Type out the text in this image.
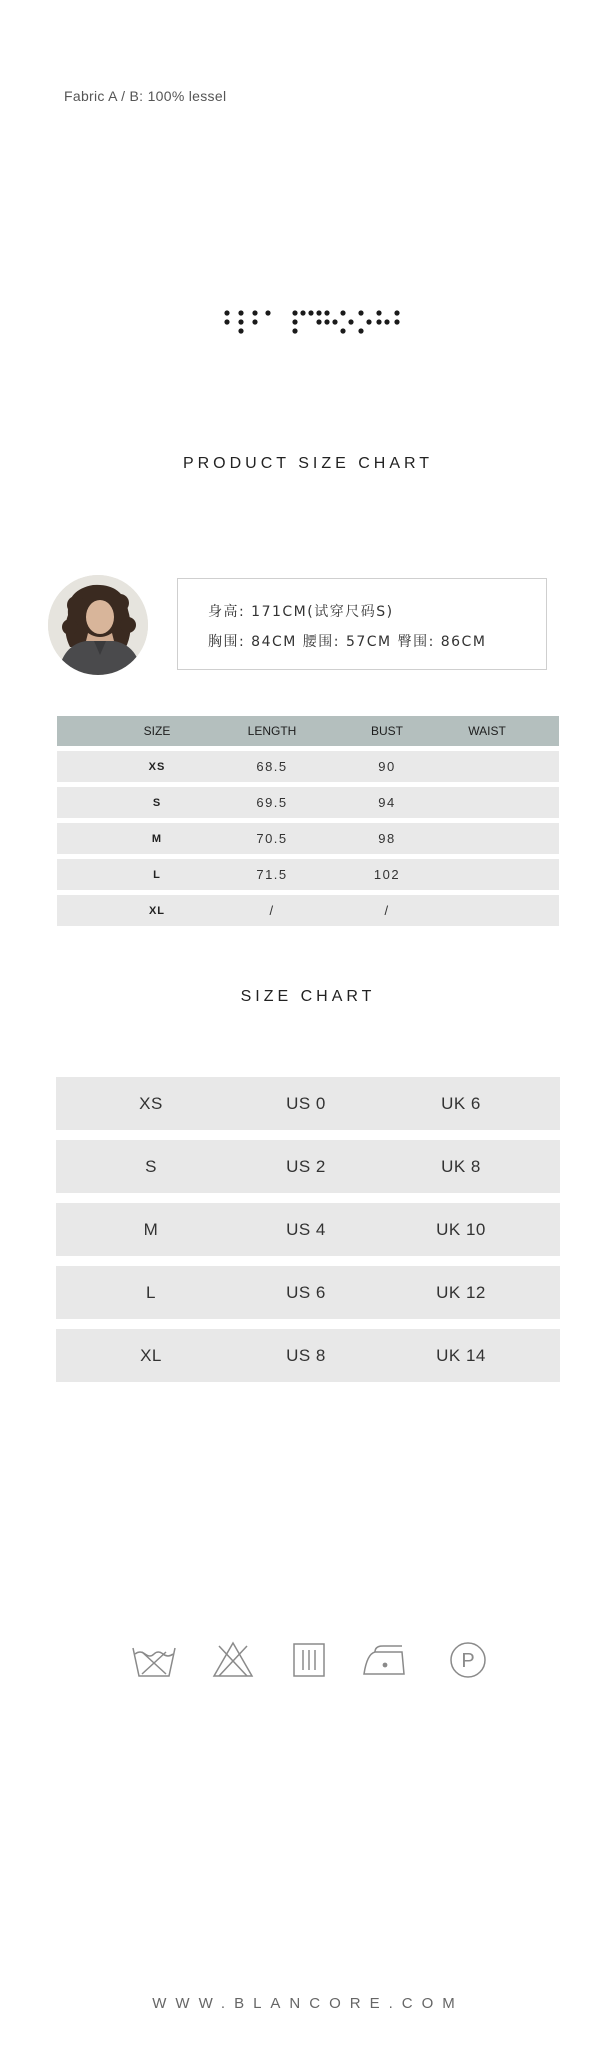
Fabric A / B: 100% lessel
PRODUCT SIZE CHART
身高: 171CM(试穿尺码S)
胸围: 84CM 腰围: 57CM 臀围: 86CM
SIZE	LENGTH	BUST	WAIST
XS	68.5	90
S	69.5	94
M	70.5	98
L	71.5	102
XL	/	/
SIZE CHART
XS	US 0	UK 6
S	US 2	UK 8
M	US 4	UK 10
L	US 6	UK 12
XL	US 8	UK 14
P
WWW.BLANCORE.COM
